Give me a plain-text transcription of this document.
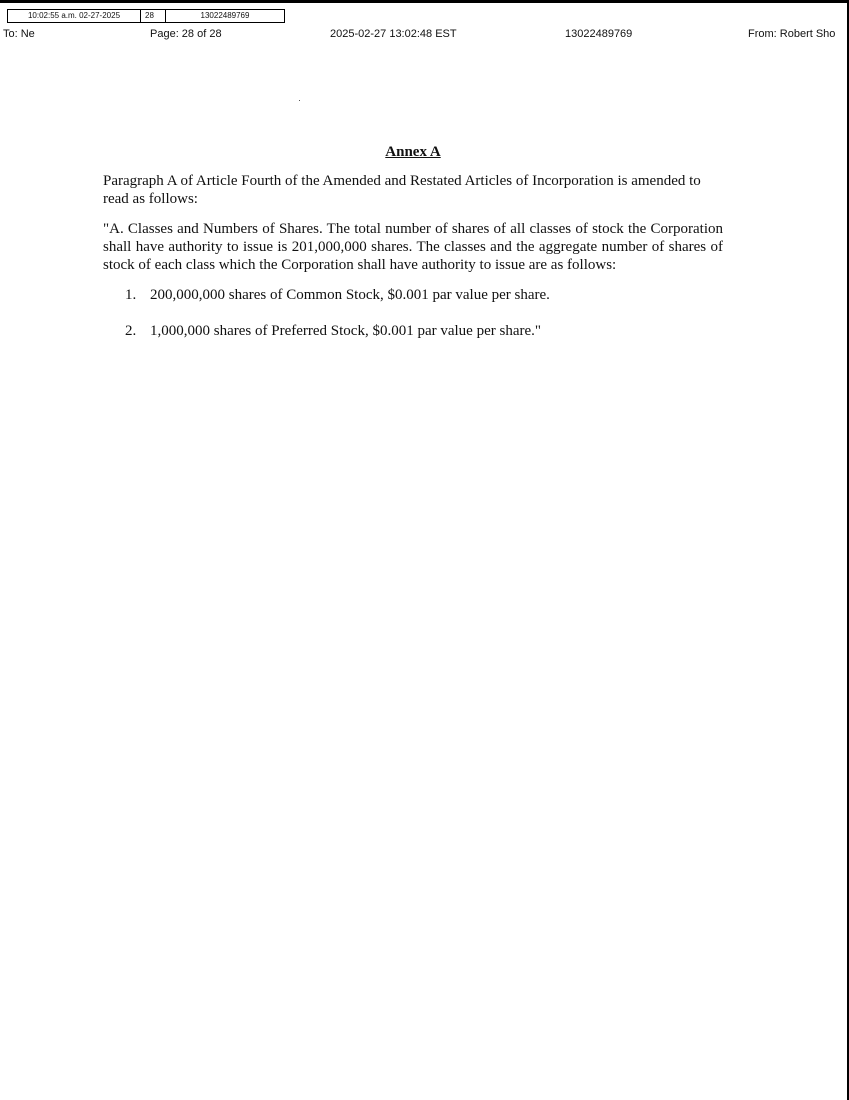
10:02:55 a.m. 02-27-2025	28	13022489769
To: Ne	Page: 28 of 28	2025-02-27 13:02:48 EST	13022489769	From: Robert Sho
Annex A

Paragraph A of Article Fourth of the Amended and Restated Articles of Incorporation is amended to read as follows:

"A. Classes and Numbers of Shares. The total number of shares of all classes of stock the Corporation shall have authority to issue is 201,000,000 shares. The classes and the aggregate number of shares of stock of each class which the Corporation shall have authority to issue are as follows:

1. 200,000,000 shares of Common Stock, $0.001 par value per share.
2. 1,000,000 shares of Preferred Stock, $0.001 par value per share."
